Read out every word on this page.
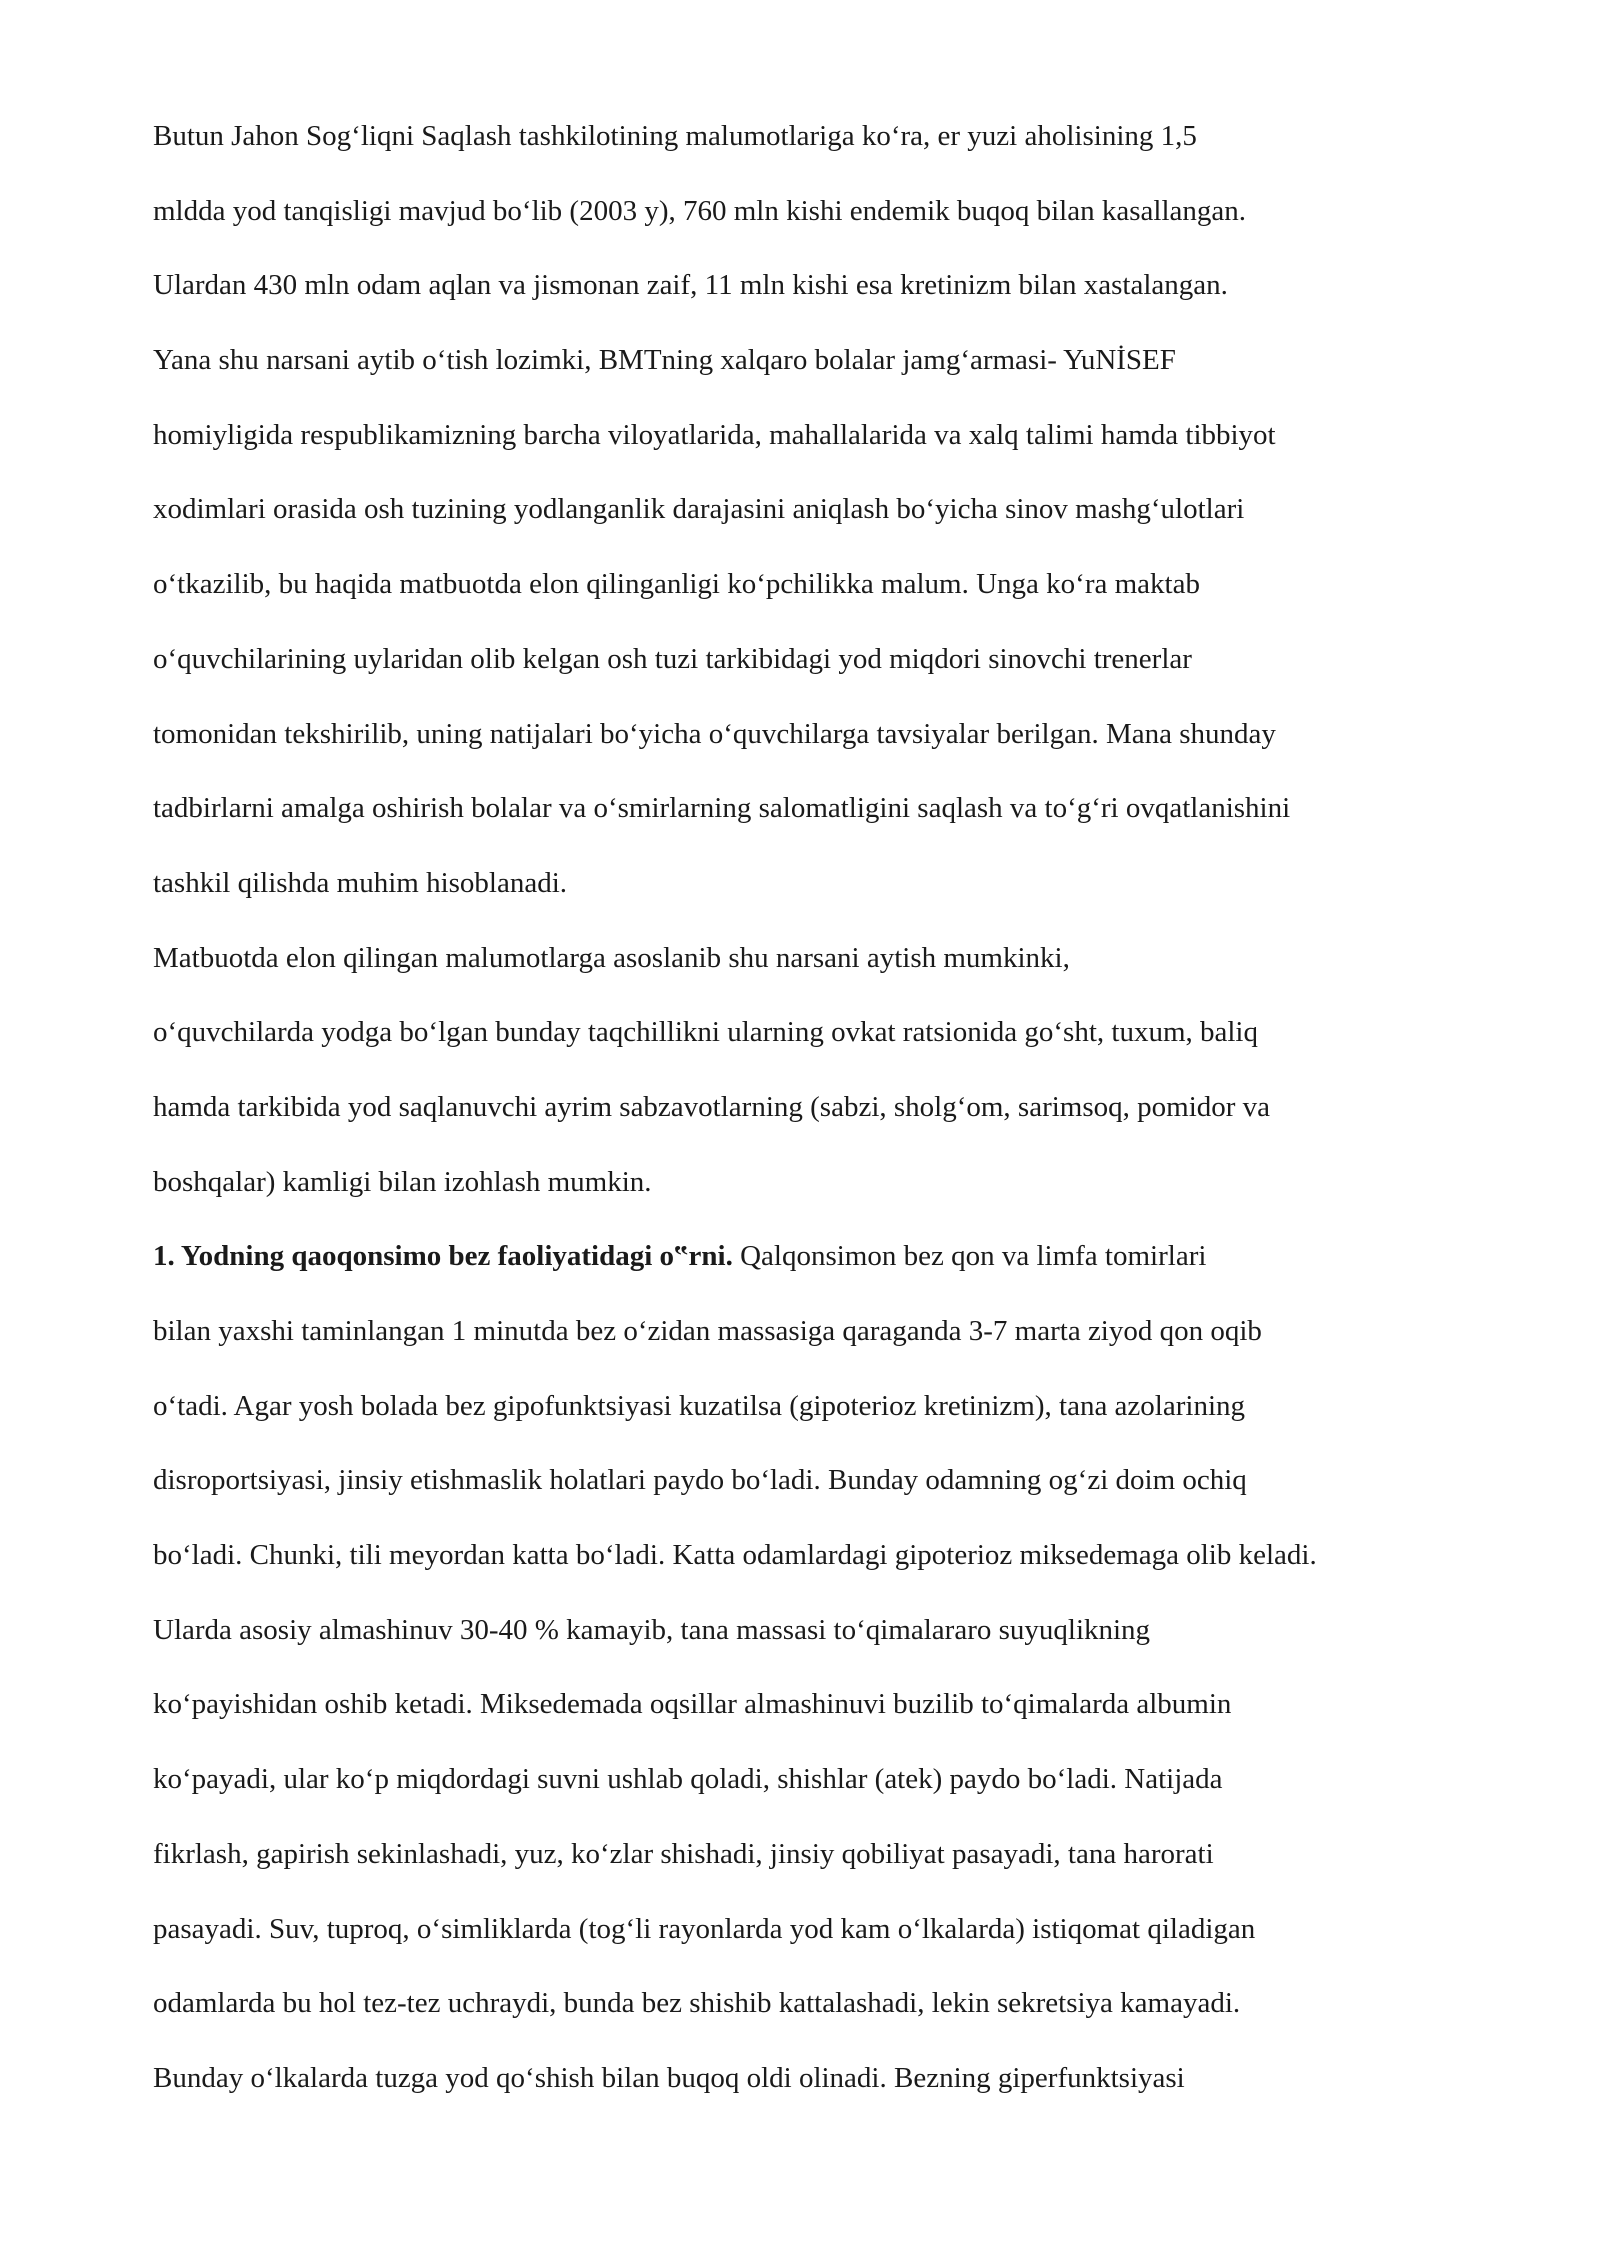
Butun Jahon Sog‘liqni Saqlash tashkilotining malumotlariga ko‘ra, er yuzi aholisining 1,5
mldda yod tanqisligi mavjud bo‘lib (2003 y), 760 mln kishi endemik buqoq bilan kasallangan.
Ulardan 430 mln odam aqlan va jismonan zaif, 11 mln kishi esa kretinizm bilan xastalangan.
Yana shu narsani aytib o‘tish lozimki, BMTning xalqaro bolalar jamg‘armasi- YuNİSEF
homiyligida respublikamizning barcha viloyatlarida, mahallalarida va xalq talimi hamda tibbiyot
xodimlari orasida osh tuzining yodlanganlik darajasini aniqlash bo‘yicha sinov mashg‘ulotlari
o‘tkazilib, bu haqida matbuotda elon qilinganligi ko‘pchilikka malum. Unga ko‘ra maktab
o‘quvchilarining uylaridan olib kelgan osh tuzi tarkibidagi yod miqdori sinovchi trenerlar
tomonidan tekshirilib, uning natijalari bo‘yicha o‘quvchilarga tavsiyalar berilgan. Mana shunday
tadbirlarni amalga oshirish bolalar va o‘smirlarning salomatligini saqlash va to‘g‘ri ovqatlanishini
tashkil qilishda muhim hisoblanadi.
Matbuotda elon qilingan malumotlarga asoslanib shu narsani aytish mumkinki,
o‘quvchilarda yodga bo‘lgan bunday taqchillikni ularning ovkat ratsionida go‘sht, tuxum, baliq
hamda tarkibida yod saqlanuvchi ayrim sabzavotlarning (sabzi, sholg‘om, sarimsoq, pomidor va
boshqalar) kamligi bilan izohlash mumkin.
1. Yodning qaoqonsimo bez faoliyatidagi o‟rni. Qalqonsimon bez qon va limfa tomirlari
bilan yaxshi taminlangan 1 minutda bez o‘zidan massasiga qaraganda 3-7 marta ziyod qon oqib
o‘tadi. Agar yosh bolada bez gipofunktsiyasi kuzatilsa (gipoterioz kretinizm), tana azolarining
disroportsiyasi, jinsiy etishmaslik holatlari paydo bo‘ladi. Bunday odamning og‘zi doim ochiq
bo‘ladi. Chunki, tili meyordan katta bo‘ladi. Katta odamlardagi gipoterioz miksedemaga olib keladi.
Ularda asosiy almashinuv 30-40 % kamayib, tana massasi to‘qimalararo suyuqlikning
ko‘payishidan oshib ketadi. Miksedemada oqsillar almashinuvi buzilib to‘qimalarda albumin
ko‘payadi, ular ko‘p miqdordagi suvni ushlab qoladi, shishlar (atek) paydo bo‘ladi. Natijada
fikrlash, gapirish sekinlashadi, yuz, ko‘zlar shishadi, jinsiy qobiliyat pasayadi, tana harorati
pasayadi. Suv, tuproq, o‘simliklarda (tog‘li rayonlarda yod kam o‘lkalarda) istiqomat qiladigan
odamlarda bu hol tez-tez uchraydi, bunda bez shishib kattalashadi, lekin sekretsiya kamayadi.
Bunday o‘lkalarda tuzga yod qo‘shish bilan buqoq oldi olinadi. Bezning giperfunktsiyasi
